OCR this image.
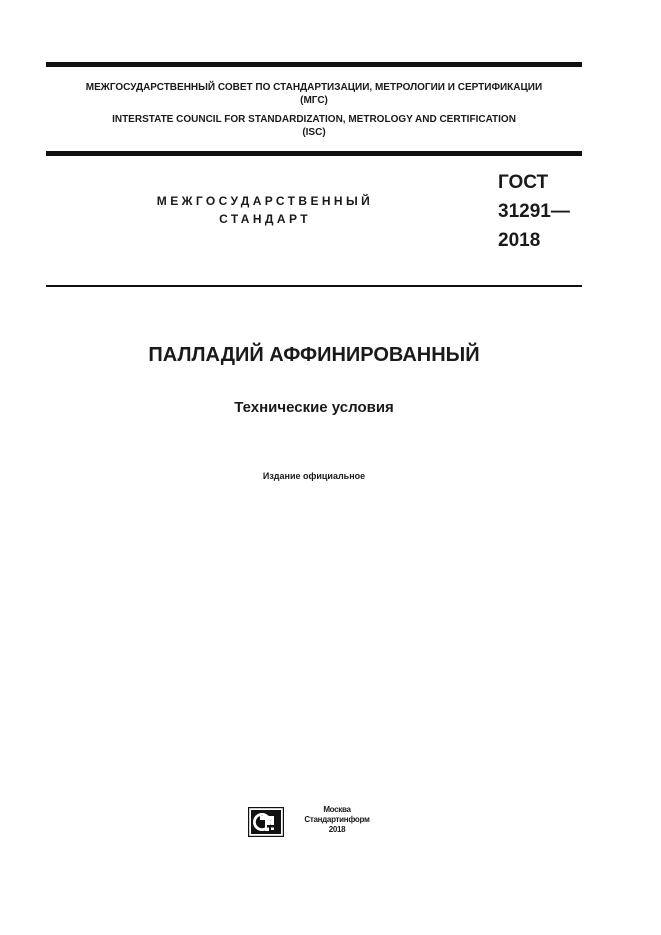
МЕЖГОСУДАРСТВЕННЫЙ СОВЕТ ПО СТАНДАРТИЗАЦИИ, МЕТРОЛОГИИ И СЕРТИФИКАЦИИ
(МГС)
INTERSTATE COUNCIL FOR STANDARDIZATION, METROLOGY AND CERTIFICATION
(ISC)
МЕЖГОСУДАРСТВЕННЫЙ
СТАНДАРТ
ГОСТ
31291—
2018
ПАЛЛАДИЙ АФФИНИРОВАННЫЙ
Технические условия
Издание официальное
Москва
Стандартинформ
2018
